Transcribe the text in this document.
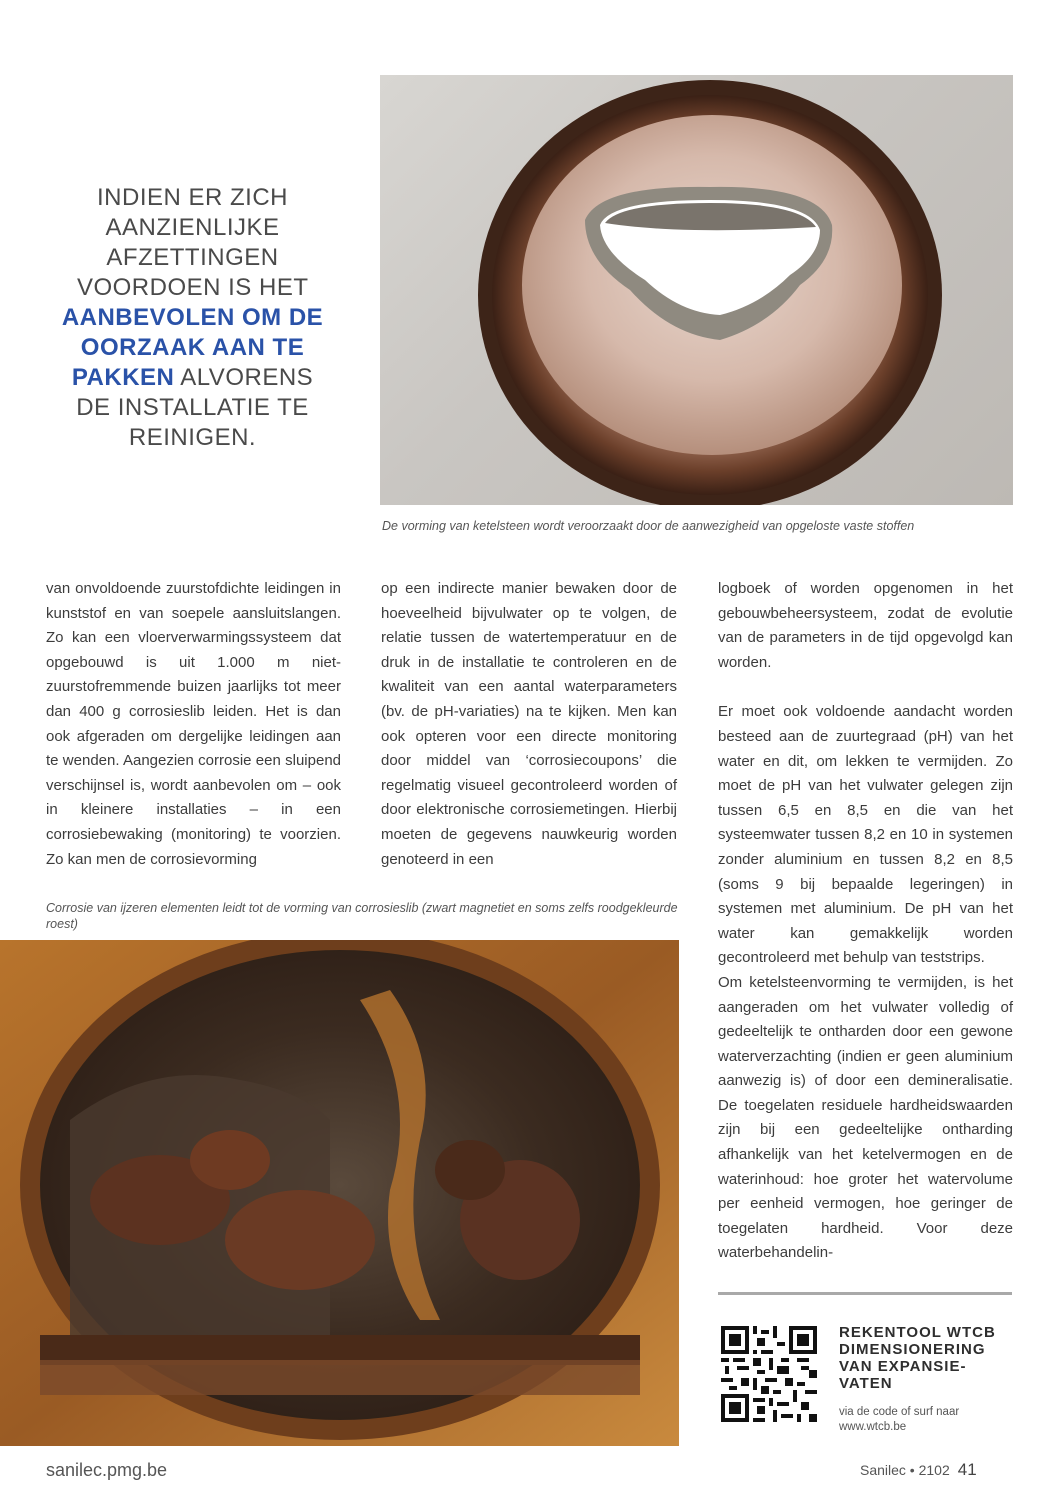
INDIEN ER ZICH AANZIENLIJKE AFZETTINGEN VOORDOEN IS HET AANBEVOLEN OM DE OORZAAK AAN TE PAKKEN ALVORENS DE INSTALLATIE TE REINIGEN.
De vorming van ketelsteen wordt veroorzaakt door de aanwezigheid van opgeloste vaste stoffen

van onvoldoende zuurstofdichte leidingen in kunststof en van soepele aansluitslangen. Zo kan een vloerverwarmingssysteem dat opgebouwd is uit 1.000 m niet-zuurstofremmende buizen jaarlijks tot meer dan 400 g corrosieslib leiden. Het is dan ook afgeraden om dergelijke leidingen aan te wenden. Aangezien corrosie een sluipend verschijnsel is, wordt aanbevolen om – ook in kleinere installaties – in een corrosiebewaking (monitoring) te voorzien. Zo kan men de corrosievorming

op een indirecte manier bewaken door de hoeveelheid bijvulwater op te volgen, de relatie tussen de watertemperatuur en de druk in de installatie te controleren en de kwaliteit van een aantal waterparameters (bv. de pH-variaties) na te kijken. Men kan ook opteren voor een directe monitoring door middel van ‘corrosiecoupons’ die regelmatig visueel gecontroleerd worden of door elektronische corrosiemetingen. Hierbij moeten de gegevens nauwkeurig worden genoteerd in een

logboek of worden opgenomen in het gebouwbeheersysteem, zodat de evolutie van de parameters in de tijd opgevolgd kan worden.

Er moet ook voldoende aandacht worden besteed aan de zuurtegraad (pH) van het water en dit, om lekken te vermijden. Zo moet de pH van het vulwater gelegen zijn tussen 6,5 en 8,5 en die van het systeemwater tussen 8,2 en 10 in systemen zonder aluminium en tussen 8,2 en 8,5 (soms 9 bij bepaalde legeringen) in systemen met aluminium. De pH van het water kan gemakkelijk worden gecontroleerd met behulp van teststrips.

Om ketelsteenvorming te vermijden, is het aangeraden om het vulwater volledig of gedeeltelijk te ontharden door een gewone waterverzachting (indien er geen aluminium aanwezig is) of door een demineralisatie. De toegelaten residuele hardheidswaarden zijn bij een gedeeltelijke ontharding afhankelijk van het ketelvermogen en de waterinhoud: hoe groter het watervolume per eenheid vermogen, hoe geringer de toegelaten hardheid. Voor deze waterbehandelin-

Corrosie van ijzeren elementen leidt tot de vorming van corrosieslib (zwart magnetiet en soms zelfs roodgekleurde roest)
REKENTOOL WTCB DIMENSIONERING VAN EXPANSIE-VATEN
via de code of surf naar www.wtcb.be
sanilec.pmg.be	Sanilec • 2102 41
